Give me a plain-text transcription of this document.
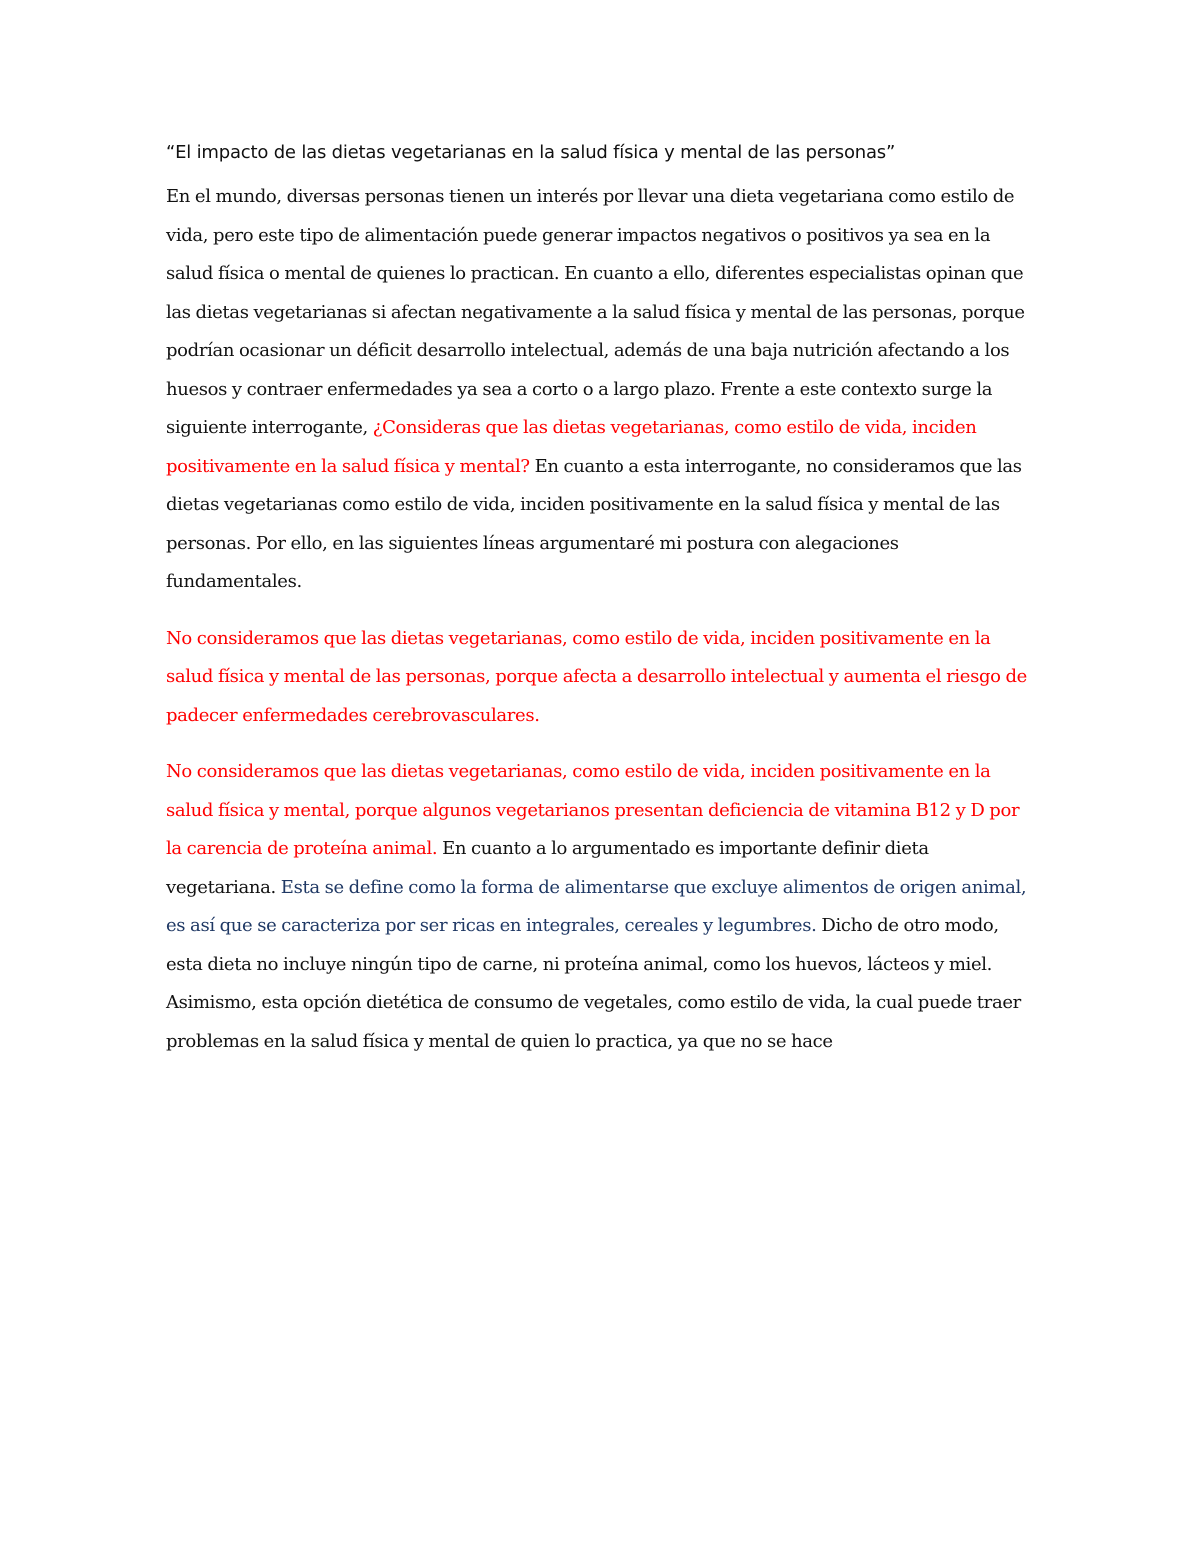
“El impacto de las dietas vegetarianas en la salud física y mental de las personas”

En el mundo, diversas personas tienen un interés por llevar una dieta vegetariana como estilo de vida, pero este tipo de alimentación puede generar impactos negativos o positivos ya sea en la salud física o mental de quienes lo practican. En cuanto a ello, diferentes especialistas opinan que las dietas vegetarianas si afectan negativamente a la salud física y mental de las personas, porque podrían ocasionar un déficit desarrollo intelectual, además de una baja nutrición afectando a los huesos y contraer enfermedades ya sea a corto o a largo plazo. Frente a este contexto surge la siguiente interrogante, ¿Consideras que las dietas vegetarianas, como estilo de vida, inciden positivamente en la salud física y mental? En cuanto a esta interrogante, no consideramos que las dietas vegetarianas como estilo de vida, inciden positivamente en la salud física y mental de las personas. Por ello, en las siguientes líneas argumentaré mi postura con alegaciones fundamentales.

No consideramos que las dietas vegetarianas, como estilo de vida, inciden positivamente en la salud física y mental de las personas, porque afecta a desarrollo intelectual y aumenta el riesgo de padecer enfermedades cerebrovasculares.

No consideramos que las dietas vegetarianas, como estilo de vida, inciden positivamente en la salud física y mental, porque algunos vegetarianos presentan deficiencia de vitamina B12 y D por la carencia de proteína animal. En cuanto a lo argumentado es importante definir dieta vegetariana. Esta se define como la forma de alimentarse que excluye alimentos de origen animal, es así que se caracteriza por ser ricas en integrales, cereales y legumbres. Dicho de otro modo, esta dieta no incluye ningún tipo de carne, ni proteína animal, como los huevos, lácteos y miel. Asimismo, esta opción dietética de consumo de vegetales, como estilo de vida, la cual puede traer problemas en la salud física y mental de quien lo practica, ya que no se hace
